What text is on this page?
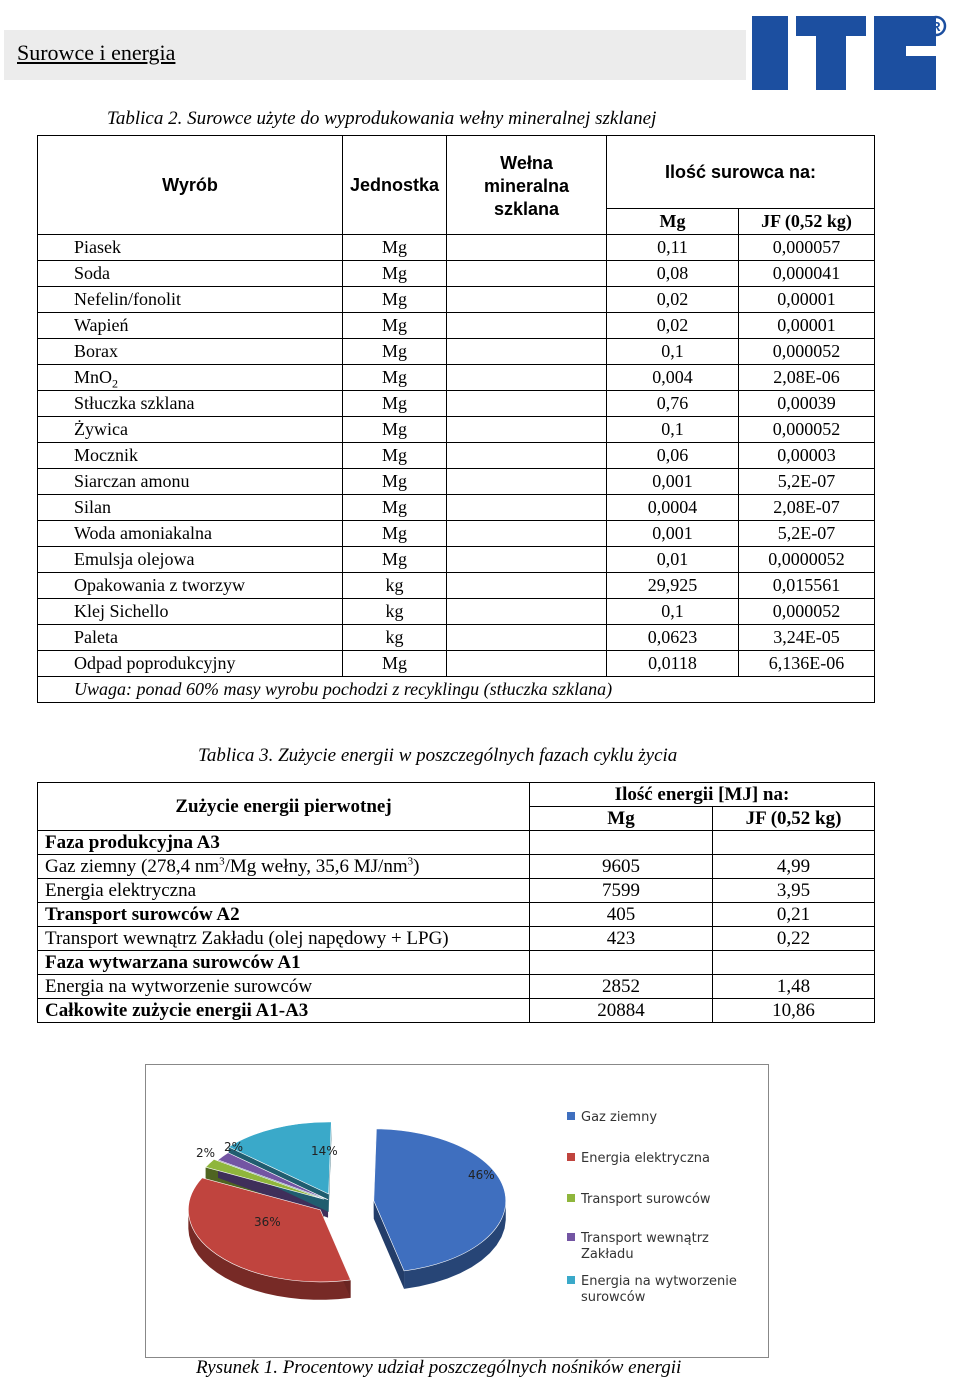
Surowce i energia
R
Tablica 2. Surowce użyte do wyprodukowania wełny mineralnej szklanej
Wyrób	Jednostka	Wełna
mineralna
szklana	Ilość surowca na:	
			Mg	JF (0,52 kg)
Piasek	Mg		0,11	0,000057
Soda	Mg		0,08	0,000041
Nefelin/fonolit	Mg		0,02	0,00001
Wapień	Mg		0,02	0,00001
Borax	Mg		0,1	0,000052
MnO$_2$	Mg		0,004	2,08E-06
Stłuczka szklana	Mg		0,76	0,00039
Żywica	Mg		0,1	0,000052
Mocznik	Mg		0,06	0,00003
Siarczan amonu	Mg		0,001	5,2E-07
Silan	Mg		0,0004	2,08E-07
Woda amoniakalna	Mg		0,001	5,2E-07
Emulsja olejowa	Mg		0,01	0,0000052
Opakowania z tworzyw	kg		29,925	0,015561
Klej Sichello	kg		0,1	0,000052
Paleta	kg		0,0623	3,24E-05
Odpad poprodukcyjny	Mg		0,0118	6,136E-06
Uwaga: ponad 60% masy wyrobu pochodzi z recyklingu (stłuczka szklana)				
Tablica 3. Zużycie energii w poszczególnych fazach cyklu życia
Zużycie energii pierwotnej	Ilość energii [MJ] na:	
	Mg	JF (0,52 kg)
Faza produkcyjna A3		
Gaz ziemny (278,4 $nm^3/Mg$ wełny, 35,6 $MJ/nm^3$)	9605	4,99
Energia elektryczna	7599	3,95
Transport surowców A2	405	0,21
Transport wewnątrz Zakładu (olej napędowy + LPG)	423	0,22
Faza wytwarzana surowców A1		
Energia na wytworzenie surowców	2852	1,48
Całkowite zużycie energii A1-A3	20884	10,86
46%
36%
2% 2%	14%
Gaz ziemny
Energia elektryczna
Transport surowców
Transport wewnątrz
Zakładu
Energia na wytworzenie
surowców
Rysunek 1. Procentowy udział poszczególnych nośników energii
